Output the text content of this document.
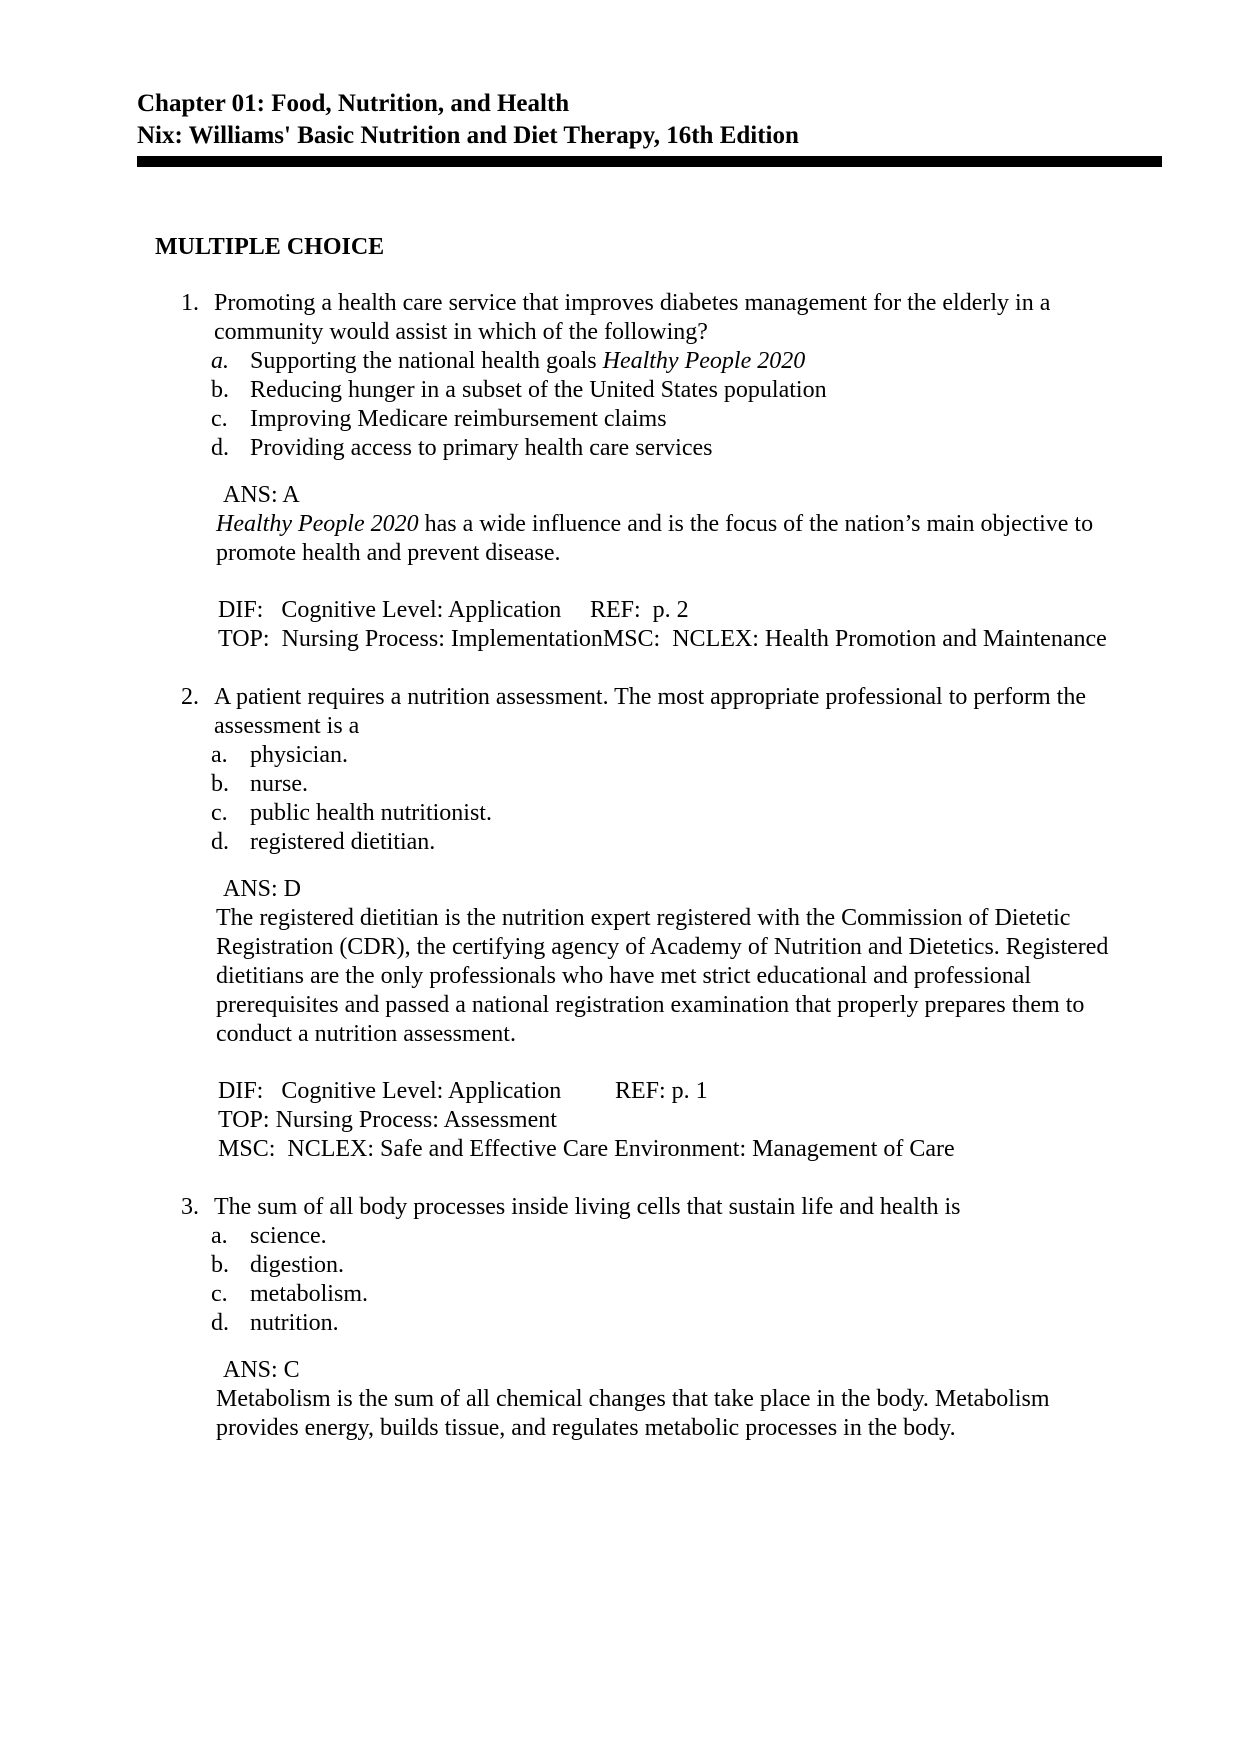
Chapter 01: Food, Nutrition, and Health
Nix: Williams' Basic Nutrition and Diet Therapy, 16th Edition
MULTIPLE CHOICE
1. Promoting a health care service that improves diabetes management for the elderly in a
community would assist in which of the following?
a. Supporting the national health goals Healthy People 2020
b. Reducing hunger in a subset of the United States population
c. Improving Medicare reimbursement claims
d. Providing access to primary health care services
ANS: A
Healthy People 2020 has a wide influence and is the focus of the nation’s main objective to
promote health and prevent disease.
DIF:   Cognitive Level: Application	REF:  p. 2
TOP:  Nursing Process: Implementation MSC:  NCLEX: Health Promotion and Maintenance
2. A patient requires a nutrition assessment. The most appropriate professional to perform the
assessment is a
a. physician.
b. nurse.
c. public health nutritionist.
d. registered dietitian.
ANS: D
The registered dietitian is the nutrition expert registered with the Commission of Dietetic
Registration (CDR), the certifying agency of Academy of Nutrition and Dietetics. Registered
dietitians are the only professionals who have met strict educational and professional
prerequisites and passed a national registration examination that properly prepares them to
conduct a nutrition assessment.
DIF:   Cognitive Level: Application	REF: p. 1
TOP: Nursing Process: Assessment
MSC:  NCLEX: Safe and Effective Care Environment: Management of Care
3. The sum of all body processes inside living cells that sustain life and health is
a. science.
b. digestion.
c. metabolism.
d. nutrition.
ANS: C
Metabolism is the sum of all chemical changes that take place in the body. Metabolism
provides energy, builds tissue, and regulates metabolic processes in the body.
